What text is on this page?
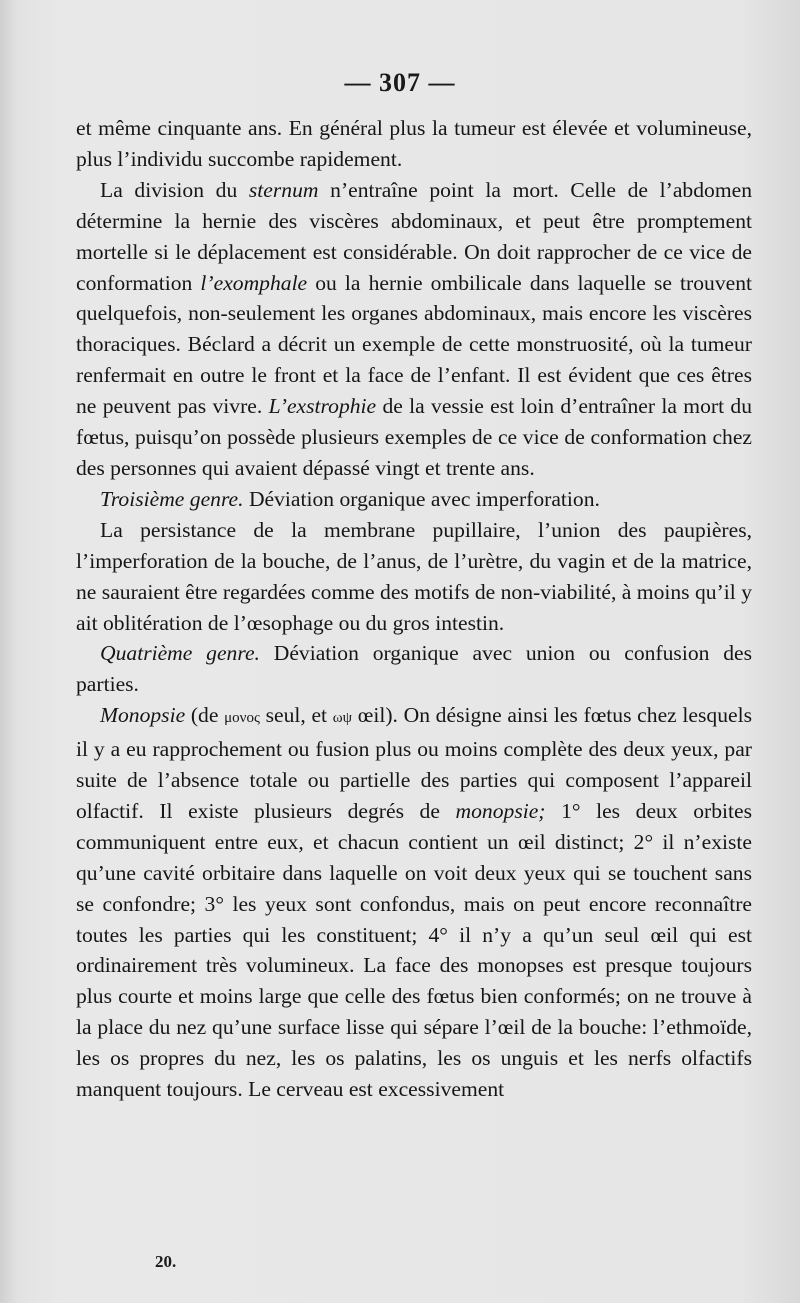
— 307 —

et même cinquante ans. En général plus la tumeur est élevée et volumineuse, plus l’individu succombe rapidement.

La division du sternum n’entraîne point la mort. Celle de l’abdomen détermine la hernie des viscères abdominaux, et peut être promptement mortelle si le déplacement est considérable. On doit rapprocher de ce vice de conformation l’exomphale ou la hernie ombilicale dans laquelle se trouvent quelquefois, non-seulement les organes abdominaux, mais encore les viscères thoraciques. Béclard a décrit un exemple de cette monstruosité, où la tumeur renfermait en outre le front et la face de l’enfant. Il est évident que ces êtres ne peuvent pas vivre. L’exstrophie de la vessie est loin d’entraîner la mort du fœtus, puisqu’on possède plusieurs exemples de ce vice de conformation chez des personnes qui avaient dépassé vingt et trente ans.

Troisième genre. Déviation organique avec imperforation.

La persistance de la membrane pupillaire, l’union des paupières, l’imperforation de la bouche, de l’anus, de l’urètre, du vagin et de la matrice, ne sauraient être regardées comme des motifs de non-viabilité, à moins qu’il y ait oblitération de l’œsophage ou du gros intestin.

Quatrième genre. Déviation organique avec union ou confusion des parties.

Monopsie (de μονος seul, et ωψ œil). On désigne ainsi les fœtus chez lesquels il y a eu rapprochement ou fusion plus ou moins complète des deux yeux, par suite de l’absence totale ou partielle des parties qui composent l’appareil olfactif. Il existe plusieurs degrés de monopsie; 1° les deux orbites communiquent entre eux, et chacun contient un œil distinct; 2° il n’existe qu’une cavité orbitaire dans laquelle on voit deux yeux qui se touchent sans se confondre; 3° les yeux sont confondus, mais on peut encore reconnaître toutes les parties qui les constituent; 4° il n’y a qu’un seul œil qui est ordinairement très volumineux. La face des monopses est presque toujours plus courte et moins large que celle des fœtus bien conformés; on ne trouve à la place du nez qu’une surface lisse qui sépare l’œil de la bouche: l’ethmoïde, les os propres du nez, les os palatins, les os unguis et les nerfs olfactifs manquent toujours. Le cerveau est excessivement

20.
